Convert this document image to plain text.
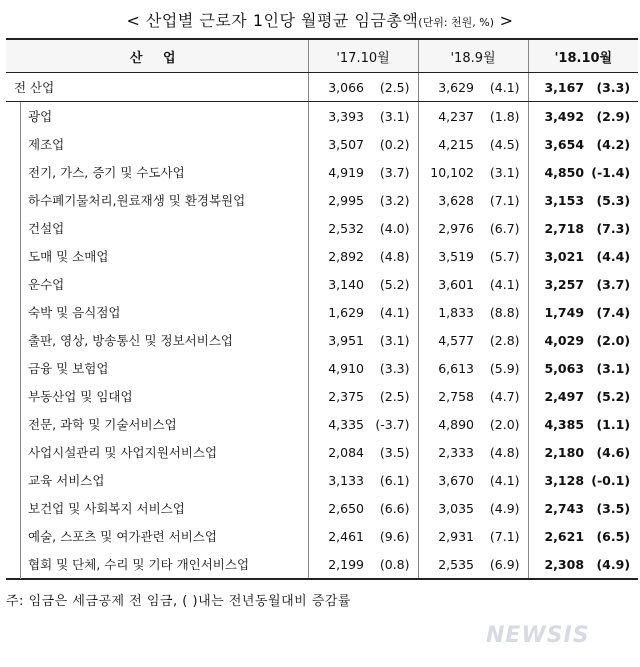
< 산업별 근로자 1인당 월평균 임금총액(단위: 천원, %) >
산 업	'17.10월		'18.9월		'18.10월	
전 산업	3,066	(2.5)	3,629	(4.1)	3,167	(3.3)
광업	3,393	(3.1)	4,237	(1.8)	3,492	(2.9)
제조업	3,507	(0.2)	4,215	(4.5)	3,654	(4.2)
전기, 가스, 증기 및 수도사업	4,919	(3.7)	10,102	(3.1)	4,850	(-1.4)
하수폐기물처리,원료재생 및 환경복원업	2,995	(3.2)	3,628	(7.1)	3,153	(5.3)
건설업	2,532	(4.0)	2,976	(6.7)	2,718	(7.3)
도매 및 소매업	2,892	(4.8)	3,519	(5.7)	3,021	(4.4)
운수업	3,140	(5.2)	3,601	(4.1)	3,257	(3.7)
숙박 및 음식점업	1,629	(4.1)	1,833	(8.8)	1,749	(7.4)
출판, 영상, 방송통신 및 정보서비스업	3,951	(3.1)	4,577	(2.8)	4,029	(2.0)
금융 및 보험업	4,910	(3.3)	6,613	(5.9)	5,063	(3.1)
부동산업 및 임대업	2,375	(2.5)	2,758	(4.7)	2,497	(5.2)
전문, 과학 및 기술서비스업	4,335	(-3.7)	4,890	(2.0)	4,385	(1.1)
사업시설관리 및 사업지원서비스업	2,084	(3.5)	2,333	(4.8)	2,180	(4.6)
교육 서비스업	3,133	(6.1)	3,670	(4.1)	3,128	(-0.1)
보건업 및 사회복지 서비스업	2,650	(6.6)	3,035	(4.9)	2,743	(3.5)
예술, 스포츠 및 여가관련 서비스업	2,461	(9.6)	2,931	(7.1)	2,621	(6.5)
협회 및 단체, 수리 및 기타 개인서비스업	2,199	(0.8)	2,535	(6.9)	2,308	(4.9)
주: 임금은 세금공제 전 임금, ( )내는 전년동월대비 증감률
NEWSIS
